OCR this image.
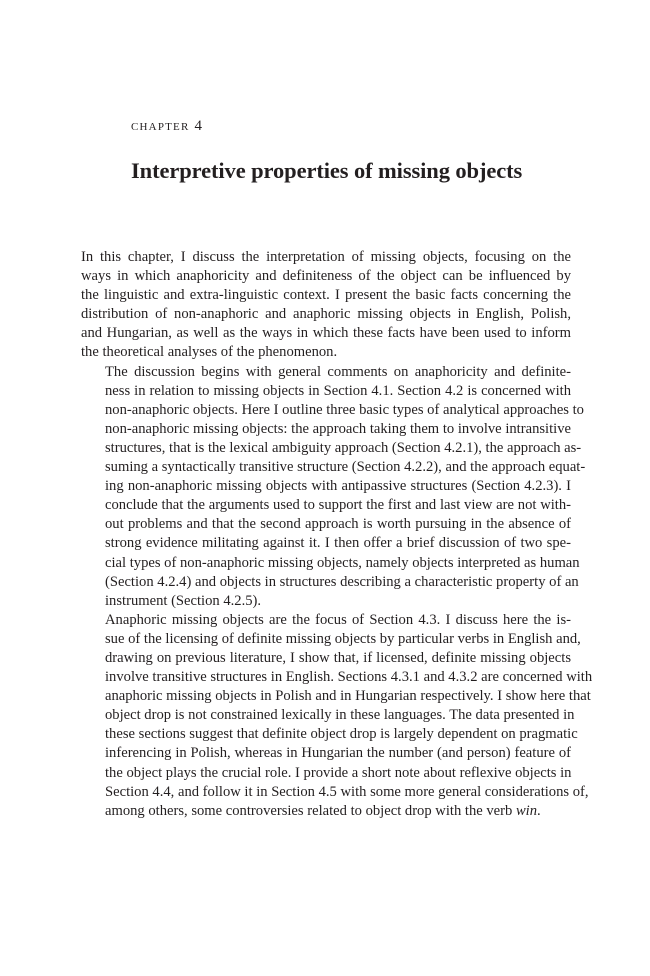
chapter 4
Interpretive properties of missing objects

In this chapter, I discuss the interpretation of missing objects, focusing on the
ways in which anaphoricity and definiteness of the object can be influenced by
the linguistic and extra-linguistic context. I present the basic facts concerning the
distribution of non-anaphoric and anaphoric missing objects in English, Polish,
and Hungarian, as well as the ways in which these facts have been used to inform
the theoretical analyses of the phenomenon.

The discussion begins with general comments on anaphoricity and definite-
ness in relation to missing objects in Section 4.1. Section 4.2 is concerned with
non-anaphoric objects. Here I outline three basic types of analytical approaches to
non-anaphoric missing objects: the approach taking them to involve intransitive
structures, that is the lexical ambiguity approach (Section 4.2.1), the approach as-
suming a syntactically transitive structure (Section 4.2.2), and the approach equat-
ing non-anaphoric missing objects with antipassive structures (Section 4.2.3). I
conclude that the arguments used to support the first and last view are not with-
out problems and that the second approach is worth pursuing in the absence of
strong evidence militating against it. I then offer a brief discussion of two spe-
cial types of non-anaphoric missing objects, namely objects interpreted as human
(Section 4.2.4) and objects in structures describing a characteristic property of an
instrument (Section 4.2.5).

Anaphoric missing objects are the focus of Section 4.3. I discuss here the is-
sue of the licensing of definite missing objects by particular verbs in English and,
drawing on previous literature, I show that, if licensed, definite missing objects
involve transitive structures in English. Sections 4.3.1 and 4.3.2 are concerned with
anaphoric missing objects in Polish and in Hungarian respectively. I show here that
object drop is not constrained lexically in these languages. The data presented in
these sections suggest that definite object drop is largely dependent on pragmatic
inferencing in Polish, whereas in Hungarian the number (and person) feature of
the object plays the crucial role. I provide a short note about reflexive objects in
Section 4.4, and follow it in Section 4.5 with some more general considerations of,
among others, some controversies related to object drop with the verb win.
